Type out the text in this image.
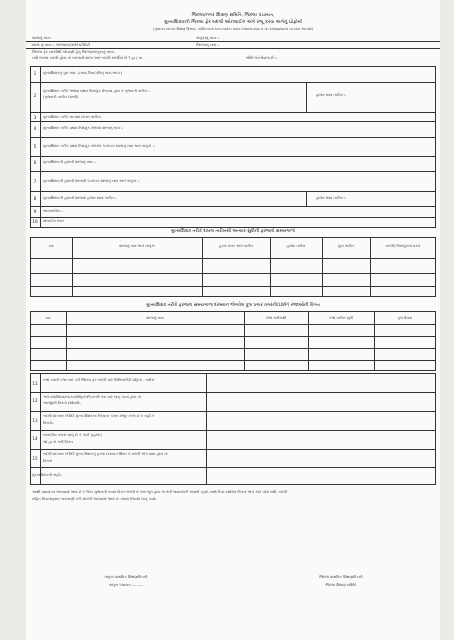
જિલ્લા/નગર શિક્ષણ સમિતિ, જિલ્લા પંચાયત,
મુખ્યશિક્ષકની જિલ્લા ફેર બદલી ઓનલાઈન અંગે રજૂ કરવા અંગેનું પ્રોફોર્મા
(ગુજરાત સરકાર શિક્ષણ વિભાગ, ગાંધીનગરના ઠરાવ ક્રમાંક: પ્રશક-૧૧૨૦૧૨-૨૬૨-ન તા: ૨૭/૦૪/૨૦૧૨ ના ઠરાવ અન્વયે)
શાળાનું નામ :	તાલુકાનું નામ :-
શાળા નું નામ :- અરજદાર/ક્લેરેક્ટીવિટી	જિલ્લાનું નામ :-
જિલ્લા ફેર બદલીથી જોડાણી હેતુ જિલ્લા/તાલુકાનું નામ:-
નવી જગ્યા બદલી હોય તો બદલાવી શાળા અને બદલી સંબંધિત છે ? હા / ના	સીધી ભરતીવાળા છે :-
1	મુખ્યશિક્ષકનું પૂરું નામ :-(નામ-પિતા/પતિનું નામ-અટક)
2
મુખ્યશિક્ષક તરીકે અથવા પ્રથમ નિમણૂક મેળવ્યા હોય તે ગુજરાતી તારીખ :-
(ગુજરાતી તારીખ લખવી)	હાજર થયા તારીખ :-
3	મુખ્યશિક્ષક તરીકે ખાતામાં દાખલ તારીખ:-
4	મુખ્યશિક્ષક તરીકે પ્રથમ નિમણૂક મેળવેલ શાળાનું નામ :-
5	મુખ્યશિક્ષક તરીકે પ્રથમ નિમણૂક મેળવેલ પે-સેન્ટર શાળાનું નામ અને તાલુકો :-
6	મુખ્યશિક્ષકની હાલની શાળાનું નામ :-
7	મુખ્યશિક્ષકની હાલની શાળાની પે-સેન્ટર શાળાનું નામ અને તાલુકો :-
8	મુખ્યશિક્ષકની હાલની શાળામાં હાજર થયા તારીખ :-	હાજર થયા તારીખ :-
9	જન્મતારીખ :-
10	મોબાઈલ નંબર
મુખ્યશિક્ષક તરીકે દાખલ તારીખથી અત્યાર સુધીની ફરજનો સમયગાળો
ક્રમ	શાળાનું નામ અને તાલુકો	હુકમ નંબર અને તારીખ	હાજર તારીખ	છૂટા તારીખ	બદલી/ નિમણૂકનો પ્રકાર
મુખ્યશિક્ષક તરીકે ફરજના સમયગાળા દરમ્યાન ભોગવેલ કૂલ પગાર વગરની(LWP) રજાઓની વિગત
ક્રમ	શાળાનું નામ	રજા તારીખથી	રજા તારીખ સુધી	કુલ દિવસ
11
રજા પગારી રજા બાદ કરી જિલ્લા ફેર બદલી માટે સિનિયોરીટી મહિનો - તારીખ
12
અપંગતા/વિધવા/ત્યક્તા/વિધુર/પતિ-પત્ની કેસ માટે લાગુ પડતા હોય તો
અરજીની વિગતો દર્શાવવી:-
13
બદલી માંગનાર HTAT મુખ્ય શિક્ષકના ઉચ્ચતર પગાર મંજૂર કરેલ છે કે નહીં તે
વિગતો:-
14
ખાતાકીય તપાસ ચાલુ છે કે કેમ? (હા/ના)
જો હા તો તેની વિગત
15
બદલી માંગનાર HTAT મુખ્ય શિક્ષકનું ફરજ દરમ્યાન શિસ્ત કે બદલી અંગે પ્રશ્ન હોય તો
વિગતો
મુખ્યશિક્ષકની સહી:-
આથી પ્રમાણપત્ર આપવામાં આવે છે કે ઉપર મુજબની તમામ વિગત ભરેલી છે તેમાં ભૂલ હોય તો તેની જવાબદારી અમારી રહેશે. સાથે ઉપર દર્શાવેલ વિગતો અંગે કોઈ વાંધો નથી. બદલી
સહિત નિયમોનુસાર ચકાસણી કરી મોકલી આપવામાં આવે છે. તમામ નિયમો લાગુ પડશે.
તાલુકા પ્રાથમિક શિક્ષણાધિકારી
તાલુકા પંચાયત ..........
જિલ્લા પ્રાથમિક શિક્ષણાધિકારી
જિલ્લા શિક્ષણ સમિતિ
